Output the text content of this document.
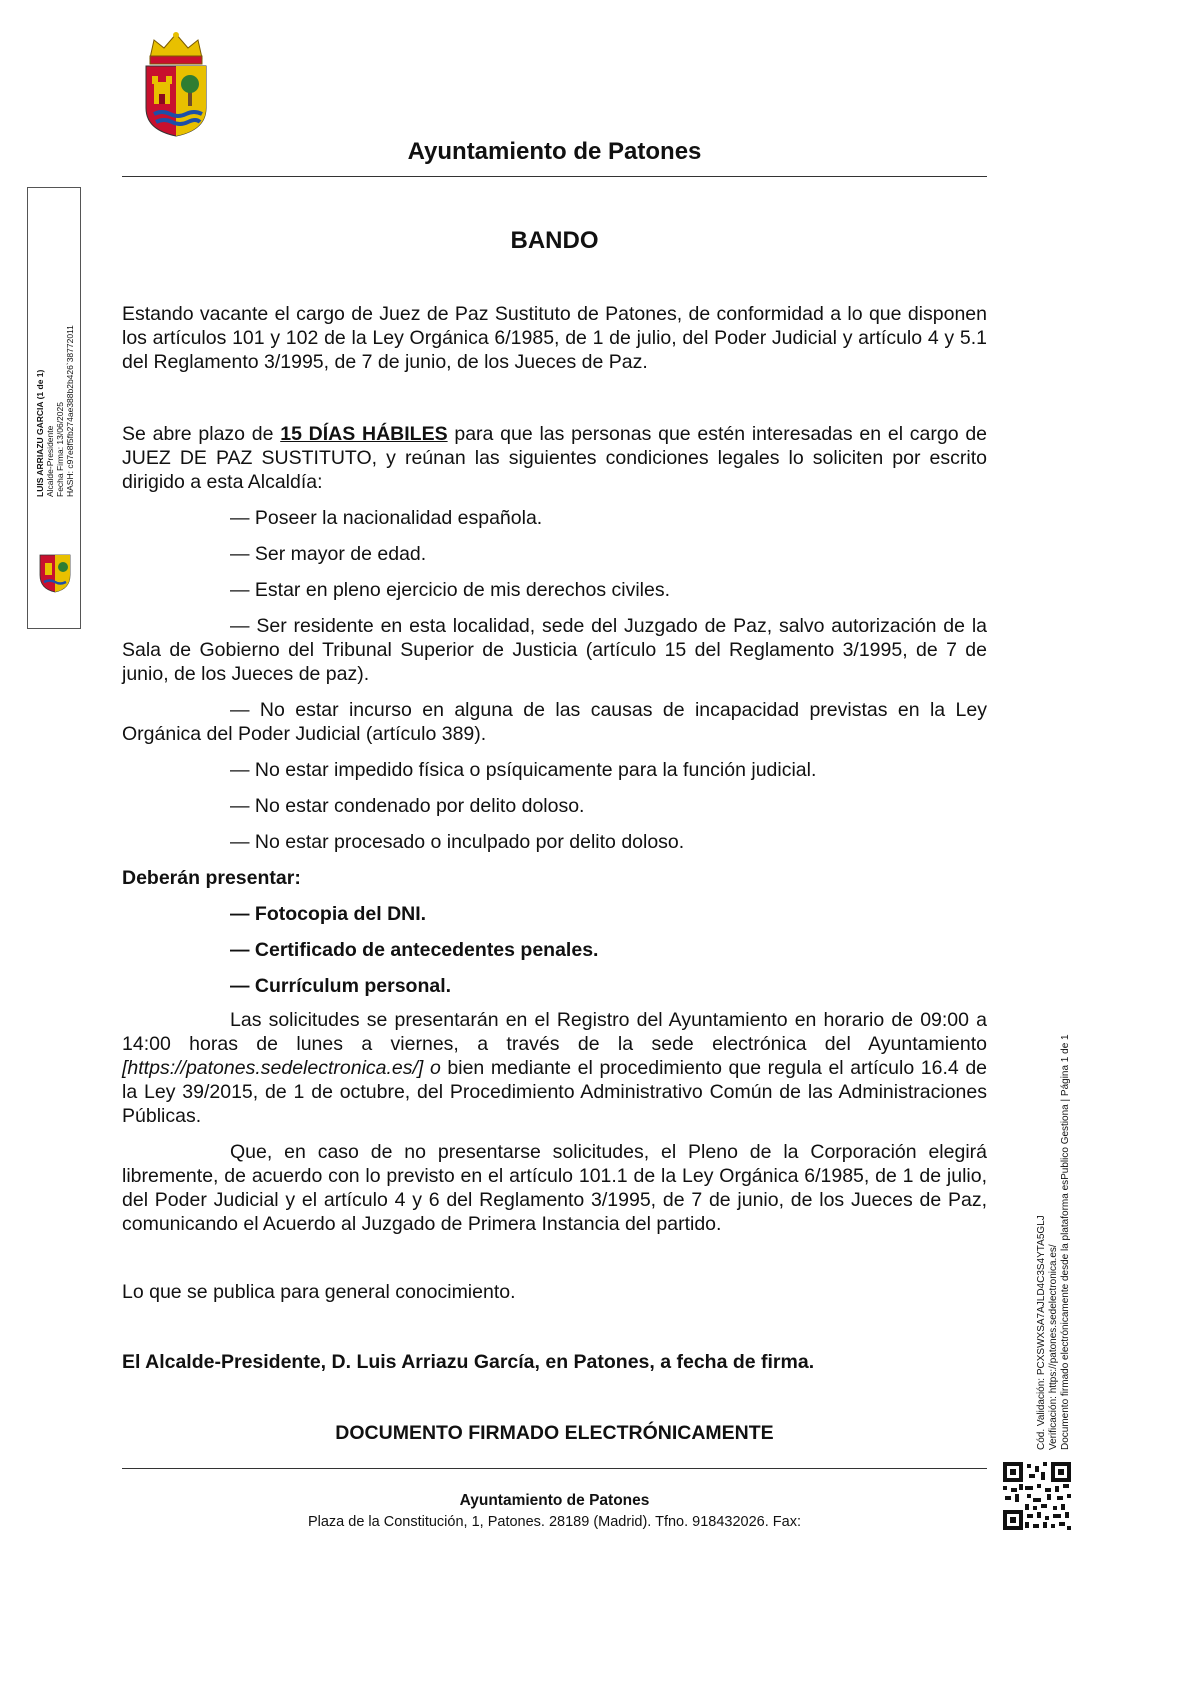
Ayuntamiento de Patones
LUIS ARRIAZU GARCIA (1 de 1) Alcalde-Presidente Fecha Firma: 13/06/2025 HASH: c97e8f5fb274ae388b2b426`38772011
BANDO

Estando vacante el cargo de Juez de Paz Sustituto de Patones, de conformidad a lo que disponen los artículos 101 y 102 de la Ley Orgánica 6/1985, de 1 de julio, del Poder Judicial y artículo 4 y 5.1 del Reglamento 3/1995, de 7 de junio, de los Jueces de Paz.

Se abre plazo de 15 DÍAS HÁBILES para que las personas que estén interesadas en el cargo de JUEZ DE PAZ SUSTITUTO, y reúnan las siguientes condiciones legales lo soliciten por escrito dirigido a esta Alcaldía:

— Poseer la nacionalidad española.

— Ser mayor de edad.

— Estar en pleno ejercicio de mis derechos civiles.

— Ser residente en esta localidad, sede del Juzgado de Paz, salvo autorización de la Sala de Gobierno del Tribunal Superior de Justicia (artículo 15 del Reglamento 3/1995, de 7 de junio, de los Jueces de paz).

— No estar incurso en alguna de las causas de incapacidad previstas en la Ley Orgánica del Poder Judicial (artículo 389).

— No estar impedido física o psíquicamente para la función judicial.

— No estar condenado por delito doloso.

— No estar procesado o inculpado por delito doloso.

Deberán presentar:

— Fotocopia del DNI.

— Certificado de antecedentes penales.

— Currículum personal.

Las solicitudes se presentarán en el Registro del Ayuntamiento en horario de 09:00 a 14:00 horas de lunes a viernes, a través de la sede electrónica del Ayuntamiento [https://patones.sedelectronica.es/] o bien mediante el procedimiento que regula el artículo 16.4 de la Ley 39/2015, de 1 de octubre, del Procedimiento Administrativo Común de las Administraciones Públicas.

Que, en caso de no presentarse solicitudes, el Pleno de la Corporación elegirá libremente, de acuerdo con lo previsto en el artículo 101.1 de la Ley Orgánica 6/1985, de 1 de julio, del Poder Judicial y el artículo 4 y 6 del Reglamento 3/1995, de 7 de junio, de los Jueces de Paz, comunicando el Acuerdo al Juzgado de Primera Instancia del partido.

Lo que se publica para general conocimiento.
El Alcalde-Presidente, D. Luis Arriazu García, en Patones, a fecha de firma.
DOCUMENTO FIRMADO ELECTRÓNICAMENTE
Ayuntamiento de Patones
Plaza de la Constitución, 1, Patones. 28189 (Madrid). Tfno. 918432026. Fax:
Cód. Validación: PCXSWXSA7AJLD4C3S4YTA5GLJ Verificación: https://patones.sedelectronica.es/ Documento firmado electrónicamente desde la plataforma esPublico Gestiona | Página 1 de 1
